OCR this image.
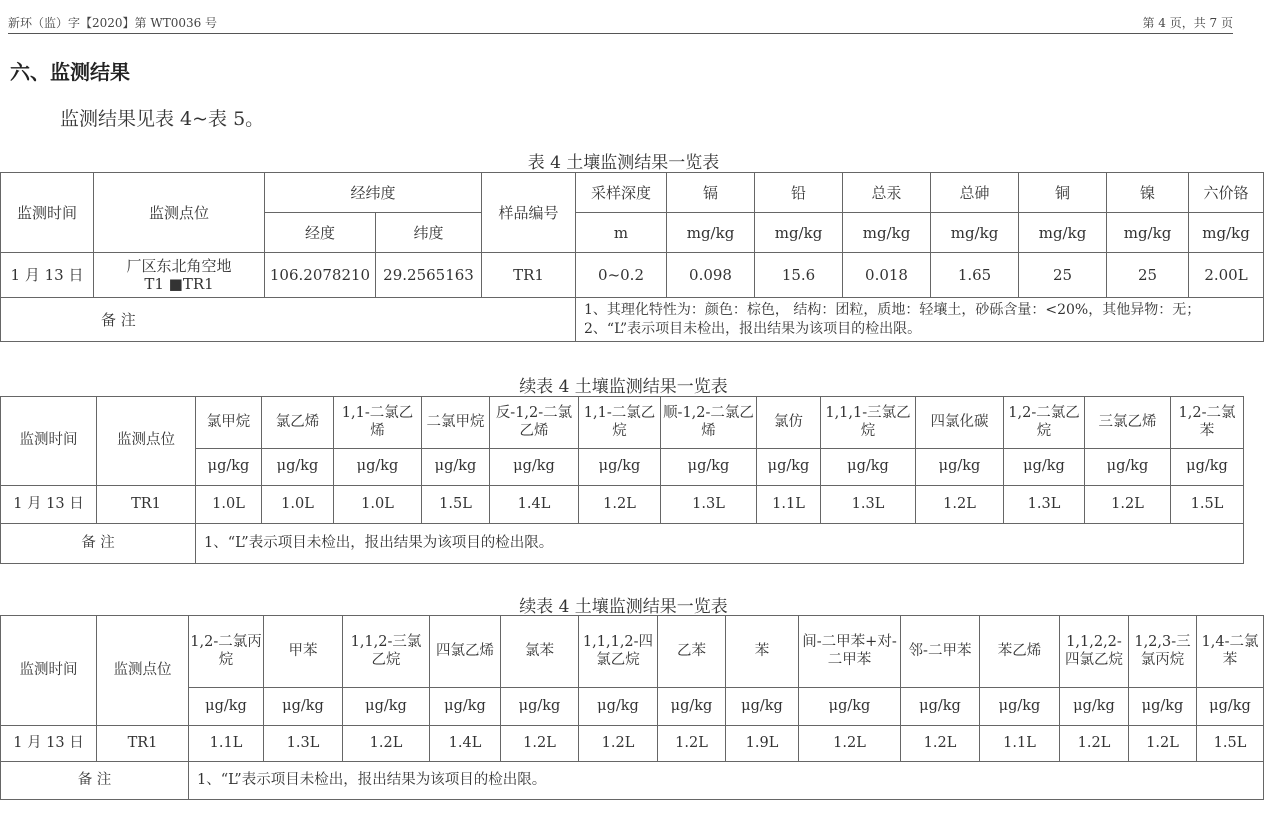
新环（监）字【2020】第 WT0036 号	第 4 页，共 7 页
六、监测结果
监测结果见表 4~表 5。
表 4 土壤监测结果一览表
监测时间	监测点位	经纬度		样品编号	采样深度	镉	铅	总汞	总砷	铜	镍	六价铬
		经度	纬度		m	mg/kg	mg/kg	mg/kg	mg/kg	mg/kg	mg/kg	mg/kg
1 月 13 日	厂区东北角空地
T1 ■TR1	106.2078210	29.2565163	TR1	0~0.2	0.098	15.6	0.018	1.65	25	25	2.00L
备 注					1、其理化特性为：颜色：棕色， 结构：团粒，质地：轻壤土，砂砾含量：<20%，其他异物：无；
2、“L”表示项目未检出，报出结果为该项目的检出限。							
续表 4 土壤监测结果一览表
监测时间	监测点位	氯甲烷	氯乙烯	1,1-二氯乙烯	二氯甲烷	反-1,2-二氯乙烯	1,1-二氯乙烷	顺-1,2-二氯乙烯	氯仿	1,1,1-三氯乙烷	四氯化碳	1,2-二氯乙烷	三氯乙烯	1,2-二氯苯
		μg/kg	μg/kg	μg/kg	μg/kg	μg/kg	μg/kg	μg/kg	μg/kg	μg/kg	μg/kg	μg/kg	μg/kg	μg/kg
1 月 13 日	TR1	1.0L	1.0L	1.0L	1.5L	1.4L	1.2L	1.3L	1.1L	1.3L	1.2L	1.3L	1.2L	1.5L
备 注		1、“L”表示项目未检出，报出结果为该项目的检出限。												
续表 4 土壤监测结果一览表
监测时间	监测点位	1,2-二氯丙烷	甲苯	1,1,2-三氯乙烷	四氯乙烯	氯苯	1,1,1,2-四氯乙烷	乙苯	苯	间-二甲苯+对-二甲苯	邻-二甲苯	苯乙烯	1,1,2,2-四氯乙烷	1,2,3-三氯丙烷	1,4-二氯苯
		μg/kg	μg/kg	μg/kg	μg/kg	μg/kg	μg/kg	μg/kg	μg/kg	μg/kg	μg/kg	μg/kg	μg/kg	μg/kg	μg/kg
1 月 13 日	TR1	1.1L	1.3L	1.2L	1.4L	1.2L	1.2L	1.2L	1.9L	1.2L	1.2L	1.1L	1.2L	1.2L	1.5L
备 注		1、“L”表示项目未检出，报出结果为该项目的检出限。													
